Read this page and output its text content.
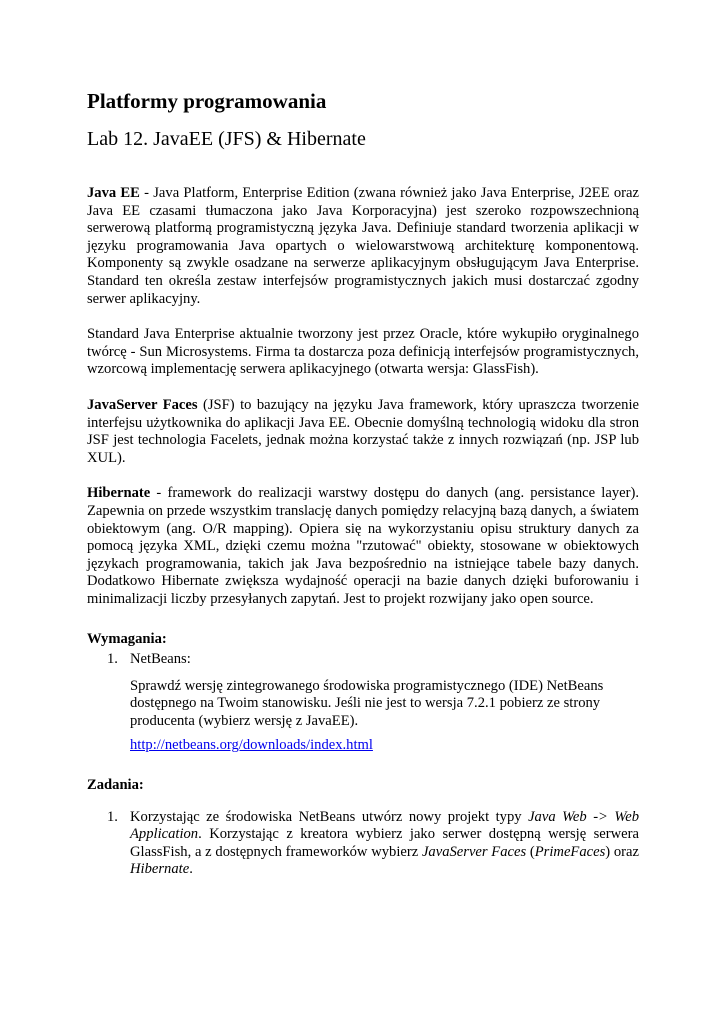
Platformy programowania
Lab 12. JavaEE (JFS) & Hibernate

Java EE - Java Platform, Enterprise Edition (zwana również jako Java Enterprise, J2EE oraz Java EE czasami tłumaczona jako Java Korporacyjna) jest szeroko rozpowszechnioną serwerową platformą programistyczną języka Java. Definiuje standard tworzenia aplikacji w języku programowania Java opartych o wielowarstwową architekturę komponentową. Komponenty są zwykle osadzane na serwerze aplikacyjnym obsługującym Java Enterprise. Standard ten określa zestaw interfejsów programistycznych jakich musi dostarczać zgodny serwer aplikacyjny.

Standard Java Enterprise aktualnie tworzony jest przez Oracle, które wykupiło oryginalnego twórcę - Sun Microsystems. Firma ta dostarcza poza definicją interfejsów programistycznych, wzorcową implementację serwera aplikacyjnego (otwarta wersja: GlassFish).

JavaServer Faces (JSF) to bazujący na języku Java framework, który upraszcza tworzenie interfejsu użytkownika do aplikacji Java EE. Obecnie domyślną technologią widoku dla stron JSF jest technologia Facelets, jednak można korzystać także z innych rozwiązań (np. JSP lub XUL).

Hibernate - framework do realizacji warstwy dostępu do danych (ang. persistance layer). Zapewnia on przede wszystkim translację danych pomiędzy relacyjną bazą danych, a światem obiektowym (ang. O/R mapping). Opiera się na wykorzystaniu opisu struktury danych za pomocą języka XML, dzięki czemu można "rzutować" obiekty, stosowane w obiektowych językach programowania, takich jak Java bezpośrednio na istniejące tabele bazy danych. Dodatkowo Hibernate zwiększa wydajność operacji na bazie danych dzięki buforowaniu i minimalizacji liczby przesyłanych zapytań. Jest to projekt rozwijany jako open source.

Wymagania:
1. NetBeans:

Sprawdź wersję zintegrowanego środowiska programistycznego (IDE) NetBeans dostępnego na Twoim stanowisku. Jeśli nie jest to wersja 7.2.1 pobierz ze strony producenta (wybierz wersję z JavaEE).

http://netbeans.org/downloads/index.html
Zadania:
1. Korzystając ze środowiska NetBeans utwórz nowy projekt typy Java Web -> Web Application. Korzystając z kreatora wybierz jako serwer dostępną wersję serwera GlassFish, a z dostępnych frameworków wybierz JavaServer Faces (PrimeFaces) oraz Hibernate.
